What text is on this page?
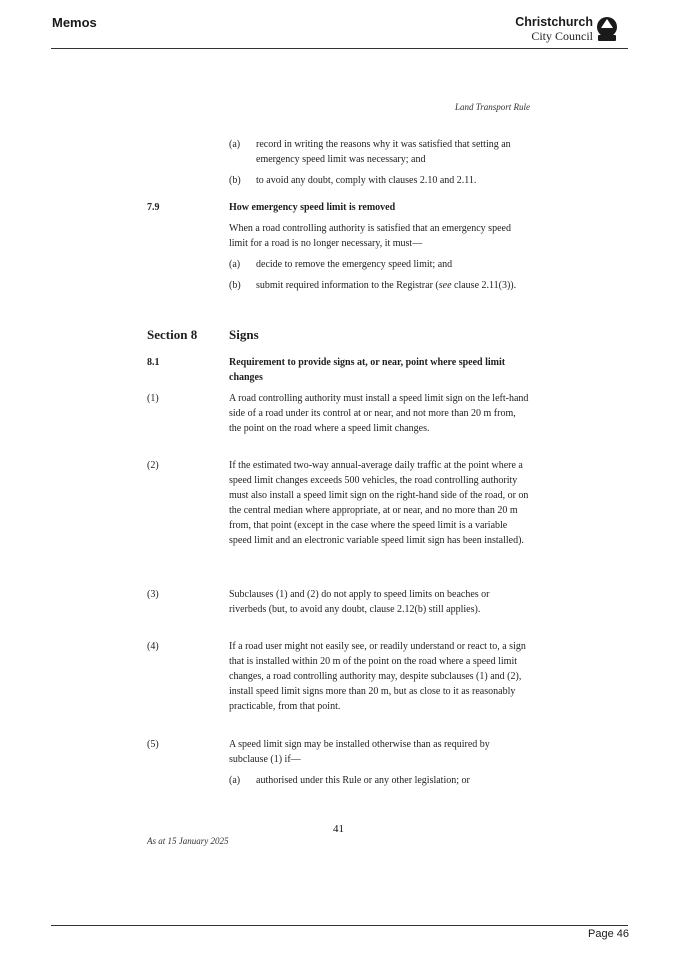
Memos	Christchurch
City Council
Land Transport Rule
(a) record in writing the reasons why it was satisfied that setting an emergency speed limit was necessary; and
(b) to avoid any doubt, comply with clauses 2.10 and 2.11.
7.9	How emergency speed limit is removed
When a road controlling authority is satisfied that an emergency speed limit for a road is no longer necessary, it must—
(a) decide to remove the emergency speed limit; and
(b) submit required information to the Registrar (see clause 2.11(3)).
Section 8 Signs
8.1	Requirement to provide signs at, or near, point where speed limit changes
(1)	A road controlling authority must install a speed limit sign on the left-hand side of a road under its control at or near, and not more than 20 m from, the point on the road where a speed limit changes.
(2)	If the estimated two-way annual-average daily traffic at the point where a speed limit changes exceeds 500 vehicles, the road controlling authority must also install a speed limit sign on the right-hand side of the road, or on the central median where appropriate, at or near, and no more than 20 m from, that point (except in the case where the speed limit is a variable speed limit and an electronic variable speed limit sign has been installed).
(3)	Subclauses (1) and (2) do not apply to speed limits on beaches or riverbeds (but, to avoid any doubt, clause 2.12(b) still applies).
(4)	If a road user might not easily see, or readily understand or react to, a sign that is installed within 20 m of the point on the road where a speed limit changes, a road controlling authority may, despite subclauses (1) and (2), install speed limit signs more than 20 m, but as close to it as reasonably practicable, from that point.
(5)	A speed limit sign may be installed otherwise than as required by subclause (1) if—
(a) authorised under this Rule or any other legislation; or
41
As at 15 January 2025
Page 46
